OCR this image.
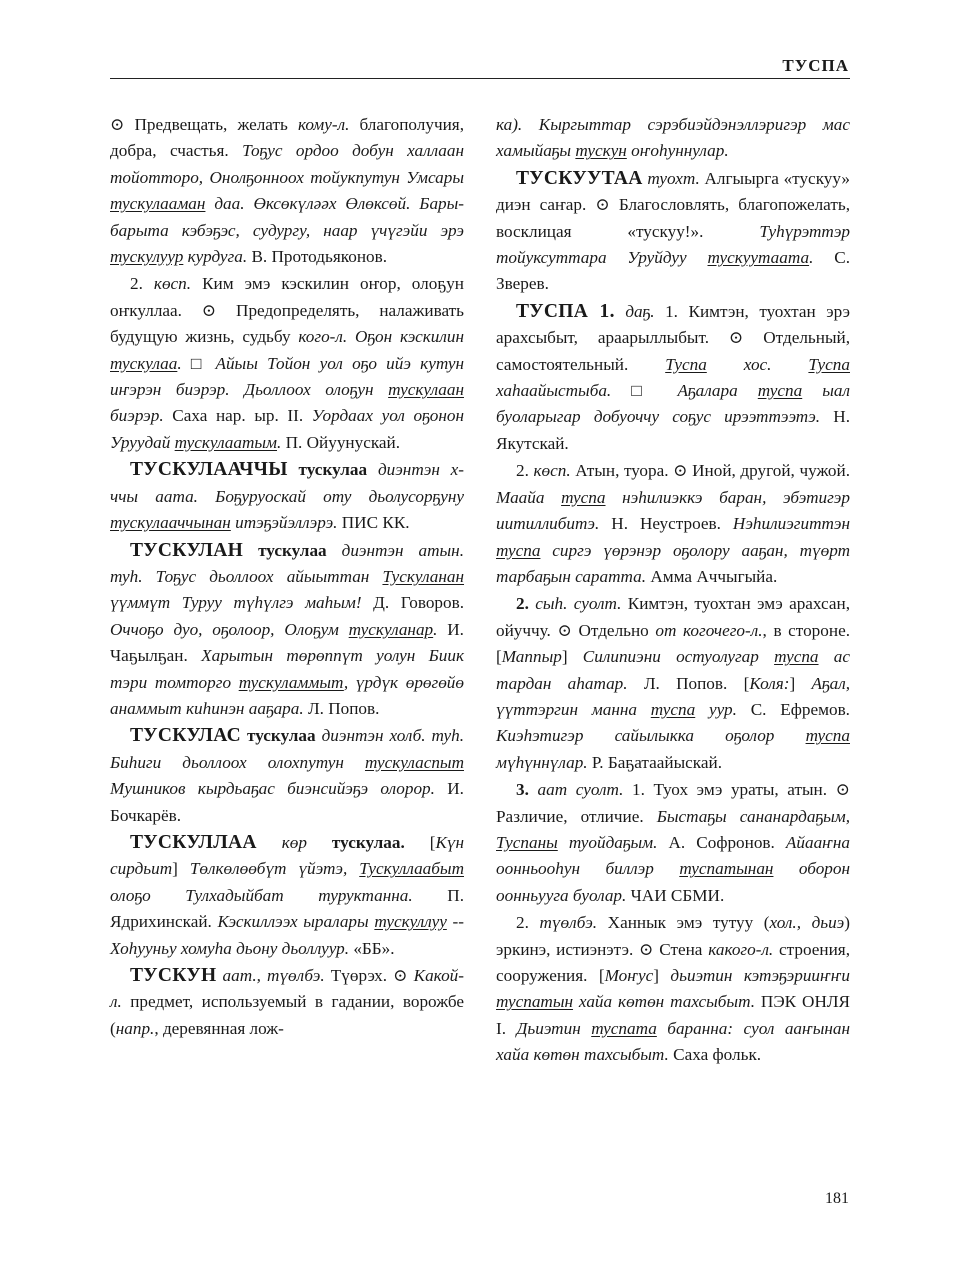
ТУСПА

⊙ Предвещать, желать кому-л. благополучия, добра, счастья. Тоҕус ордоо добун халлаан тойотторо, Онолҕонноох тойукпутун Умсары тускулааман даа. Өксөкүләәх Өлөксөй. Бары-барыта кэбэҕэс, судургу, наар үчүгэйи эрэ тускулуур курдуга. В. Протодьяконов.

2. көсп. Ким эмэ кэскилин оҥор, олоҕун оҥкуллаа. ⊙ Предопределять, налаживать будущую жизнь, судьбу кого-л. Оҕон кэскилин тускулаа. □ Айыы Тойон уол оҕо ийэ кутун иҥэрэн биэрэр. Дьоллоох олоҕун тускулаан биэрэр. Саха нар. ыр. II. Уордаах уол оҕонон Уруудай тускулаатым. П. Ойуунускай.

ТУСКУЛААЧЧЫ тускулаа диэнтэн х-ччы аата. Боҕуруоскай оту дьолусорҕуну тускулааччынан итэҕэйэллэрэ. ПИС КК.

ТУСКУЛАН тускулаа диэнтэн атын. туһ. Тоҕус дьоллоох айыыттан Тускуланан үүммүт Туруу түһүлгэ маһым! Д. Говоров. Оччоҕо дуо, оҕолоор, Олоҕум тускуланар. И. Чаҕылҕан. Харытын төрөппүт уолун Биик тэри томторго тускуламмыт, үрдүк өрөгөйө анаммыт киһинэн ааҕара. Л. Попов.

ТУСКУЛАС тускулаа диэнтэн холб. туһ. Биһиги дьоллоох олохпутун тускуласпыт Мушников кырдьаҕас биэнсийэҕэ олорор. И. Бочкарёв.

ТУСКУЛЛАА көр тускулаа. [Күн сирдьит] Төлкөлөөбүт үйэтэ, Тускуллаабыт олоҕо Тулхадыйбат туруктанна. П. Ядрихинскай. Кэскиллээх ыралары тускуллуу -- Хоһууньу хомуһа дьону дьоллуур. «ББ».

ТУСКУН аат., түөлбэ. Түөрэх. ⊙ Какой-л. предмет, используемый в гадании, ворожбе (напр., деревянная лож-

ка). Кыргыттар сэрэбиэйдэнэллэригэр мас хамыйаҕы тускун оҥоһуннулар.

ТУСКУУТАА туохт. Алгыырга «тускуу» диэн саҥар. ⊙ Благословлять, благопожелать, восклицая «тускуу!». Туһүрэттэр тойуксуттара Уруйдуу тускуутаата. С. Зверев.

ТУСПА 1. даҕ. 1. Кимтэн, туохтан эрэ арахсыбыт, араарыллыбыт. ⊙ Отдельный, самостоятельный. Туспа хос. Туспа хаһаайыстыба. □ Аҕалара туспа ыал буоларыгар добуоччу соҕус ирээттээтэ. Н. Якутскай.

2. көсп. Атын, туора. ⊙ Иной, другой, чужой. Маайа туспа нэһилиэккэ баран, эбэтигэр иитиллибитэ. Н. Неустроев. Нэһилиэгиттэн туспа сиргэ үөрэнэр оҕолору ааҕан, түөрт тарбаҕын саратта. Амма Аччыгыйа.

2. сыһ. суолт. Кимтэн, туохтан эмэ арахсан, ойуччу. ⊙ Отдельно от когочего-л., в стороне. [Маппыр] Силипиэни остуолугар туспа ас тардан аһатар. Л. Попов. [Коля:] Аҕал, үүттэргин манна туспа уур. С. Ефремов. Киэһэтигэр сайылыкка оҕолор туспа мүһүннүлар. Р. Баҕатаайыскай.

3. аат суолт. 1. Туох эмэ ураты, атын. ⊙ Различие, отличие. Быстаҕы сананардаҕым, Туспаны туойдаҕым. А. Софронов. Айааҥна оонньооһун биллэр туспатынан оборон оонньууга буолар. ЧАИ СБМИ.

2. түөлбэ. Ханнык эмэ тутуу (хол., дьиэ) эркинэ, истиэнэтэ. ⊙ Стена какого-л. строения, сооружения. [Моҥус] дьиэтин кэтэҕэрииҥҥи туспатын хайа көтөн тахсыбыт. ПЭК ОНЛЯ I. Дьиэтин туспата баранна: суол ааҥынан хайа көтөн тахсыбыт. Саха фольк.

181
